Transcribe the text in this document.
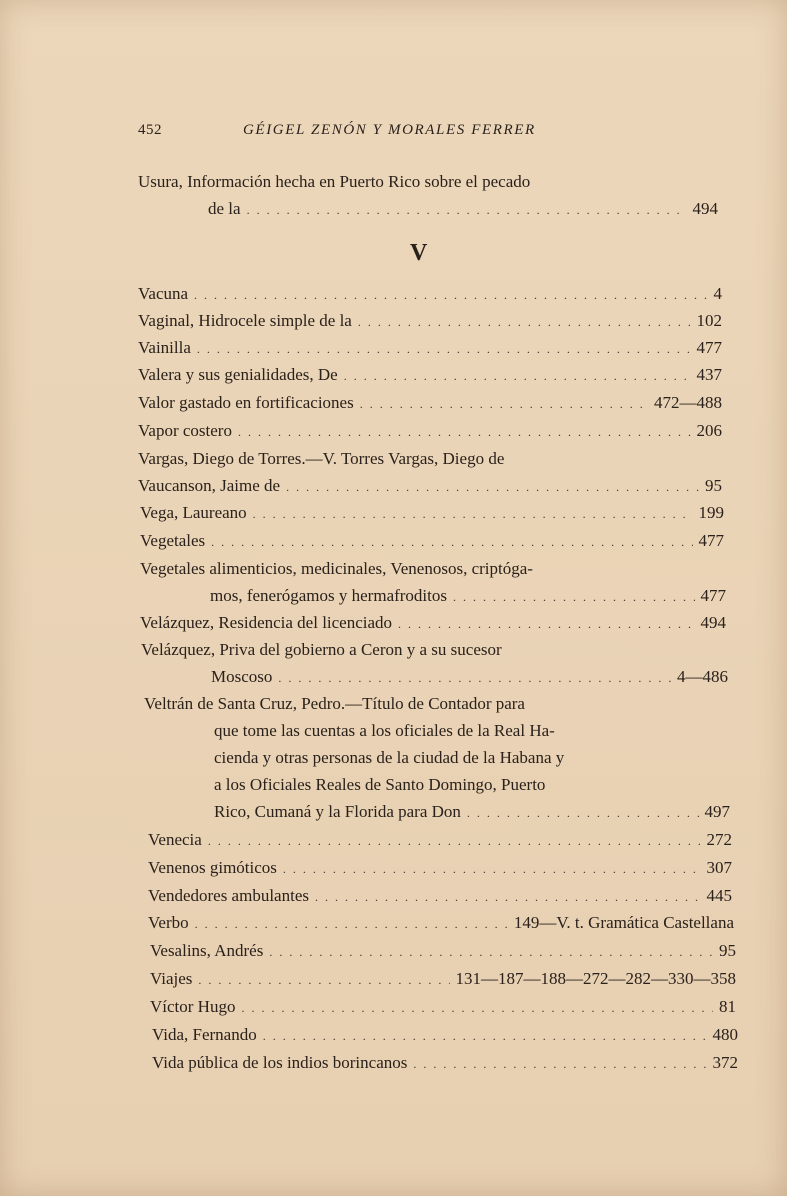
452	GÉIGEL ZENÓN Y MORALES FERRER
V
Usura, Información hecha en Puerto Rico sobre el pecado
de la . . .	494
Vacuna . . .	4
Vaginal, Hidrocele simple de la . . .	102
Vainilla . . .	477
Valera y sus genialidades, De . . .	437
Valor gastado en fortificaciones . . .	472—488
Vapor costero . . .	206
Vargas, Diego de Torres.—V. Torres Vargas, Diego de
Vaucanson, Jaime de . . .	95
Vega, Laureano . . .	199
Vegetales . . .	477
Vegetales alimenticios, medicinales, Venenosos, criptóga-
mos, fenerógamos y hermafroditos . . .	477
Velázquez, Residencia del licenciado . . .	494
Velázquez, Priva del gobierno a Ceron y a su sucesor
Moscoso . . .	4—486
Veltrán de Santa Cruz, Pedro.—Título de Contador para
que tome las cuentas a los oficiales de la Real Ha-
cienda y otras personas de la ciudad de la Habana y
a los Oficiales Reales de Santo Domingo, Puerto
Rico, Cumaná y la Florida para Don . . .	497
Venecia . . .	272
Venenos gimóticos . . .	307
Vendedores ambulantes . . .	445
Verbo . . .	149—V. t. Gramática Castellana
Vesalins, Andrés . . .	95
Viajes . . .	131—187—188—272—282—330—358
Víctor Hugo . . .	81
Vida, Fernando . . .	480
Vida pública de los indios borincanos . . .	372
